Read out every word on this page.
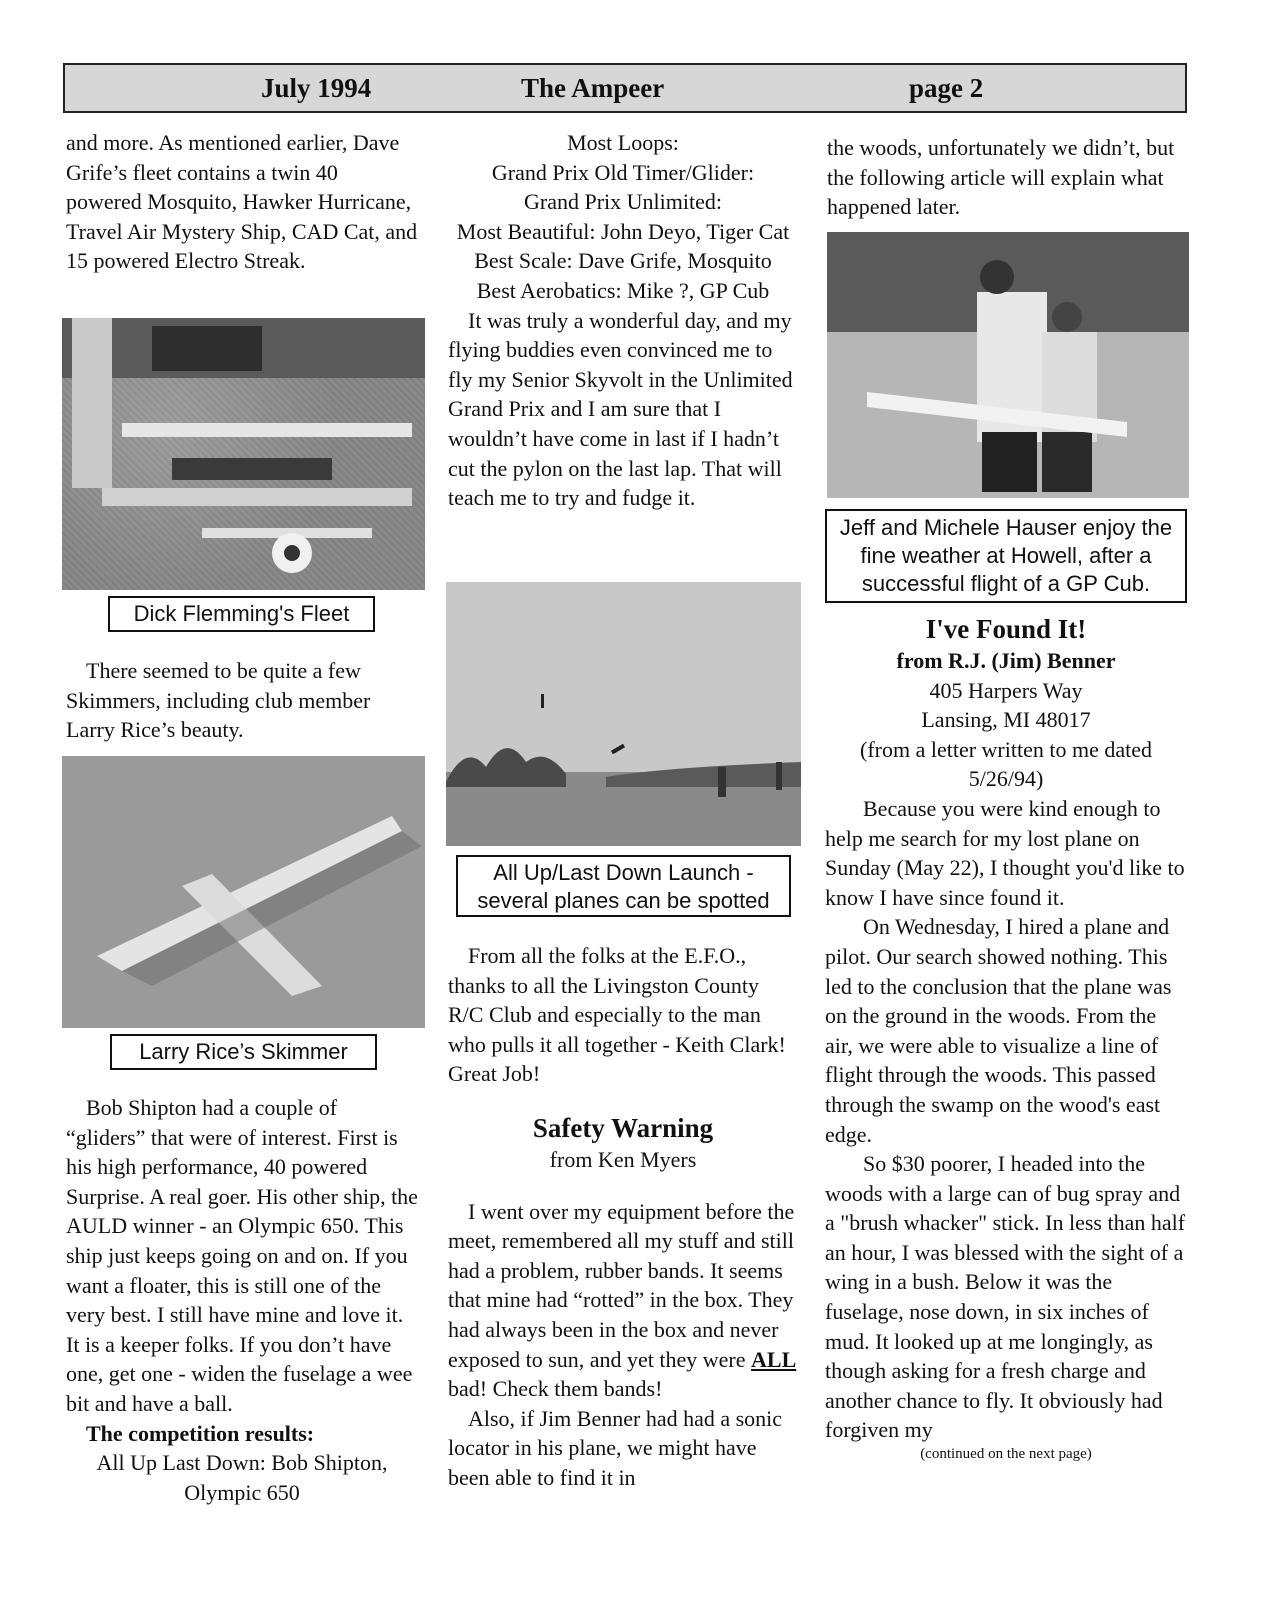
July 1994	The Ampeer	page 2

and more. As mentioned earlier, Dave Grife’s fleet contains a twin 40 powered Mosquito, Hawker Hurricane, Travel Air Mystery Ship, CAD Cat, and 15 powered Electro Streak.

Dick Flemming's Fleet

There seemed to be quite a few Skimmers, including club member Larry Rice’s beauty.

Larry Rice’s Skimmer

Bob Shipton had a couple of “gliders” that were of interest. First is his high performance, 40 powered Surprise. A real goer. His other ship, the AULD winner - an Olympic 650. This ship just keeps going on and on. If you want a floater, this is still one of the very best. I still have mine and love it. It is a keeper folks. If you don’t have one, get one - widen the fuselage a wee bit and have a ball.

The competition results:

All Up Last Down: Bob Shipton, Olympic 650

Most Loops:

Grand Prix Old Timer/Glider:

Grand Prix Unlimited:

Most Beautiful: John Deyo, Tiger Cat

Best Scale: Dave Grife, Mosquito

Best Aerobatics: Mike ?, GP Cub

It was truly a wonderful day, and my flying buddies even convinced me to fly my Senior Skyvolt in the Unlimited Grand Prix and I am sure that I wouldn’t have come in last if I hadn’t cut the pylon on the last lap. That will teach me to try and fudge it.

All Up/Last Down Launch - several planes can be spotted

From all the folks at the E.F.O., thanks to all the Livingston County R/C Club and especially to the man who pulls it all together - Keith Clark! Great Job!

Safety Warning

from Ken Myers

I went over my equipment before the meet, remembered all my stuff and still had a problem, rubber bands. It seems that mine had “rotted” in the box. They had always been in the box and never exposed to sun, and yet they were ALL bad! Check them bands!

Also, if Jim Benner had had a sonic locator in his plane, we might have been able to find it in

the woods, unfortunately we didn’t, but the following article will explain what happened later.

Jeff and Michele Hauser enjoy the fine weather at Howell, after a successful flight of a GP Cub.

I've Found It!

from R.J. (Jim) Benner

405 Harpers Way

Lansing, MI 48017

(from a letter written to me dated 5/26/94)

Because you were kind enough to help me search for my lost plane on Sunday (May 22), I thought you'd like to know I have since found it.

On Wednesday, I hired a plane and pilot. Our search showed nothing. This led to the conclusion that the plane was on the ground in the woods. From the air, we were able to visualize a line of flight through the woods. This passed through the swamp on the wood's east edge.

So $30 poorer, I headed into the woods with a large can of bug spray and a "brush whacker" stick. In less than half an hour, I was blessed with the sight of a wing in a bush. Below it was the fuselage, nose down, in six inches of mud. It looked up at me longingly, as though asking for a fresh charge and another chance to fly. It obviously had forgiven my

(continued on the next page)
